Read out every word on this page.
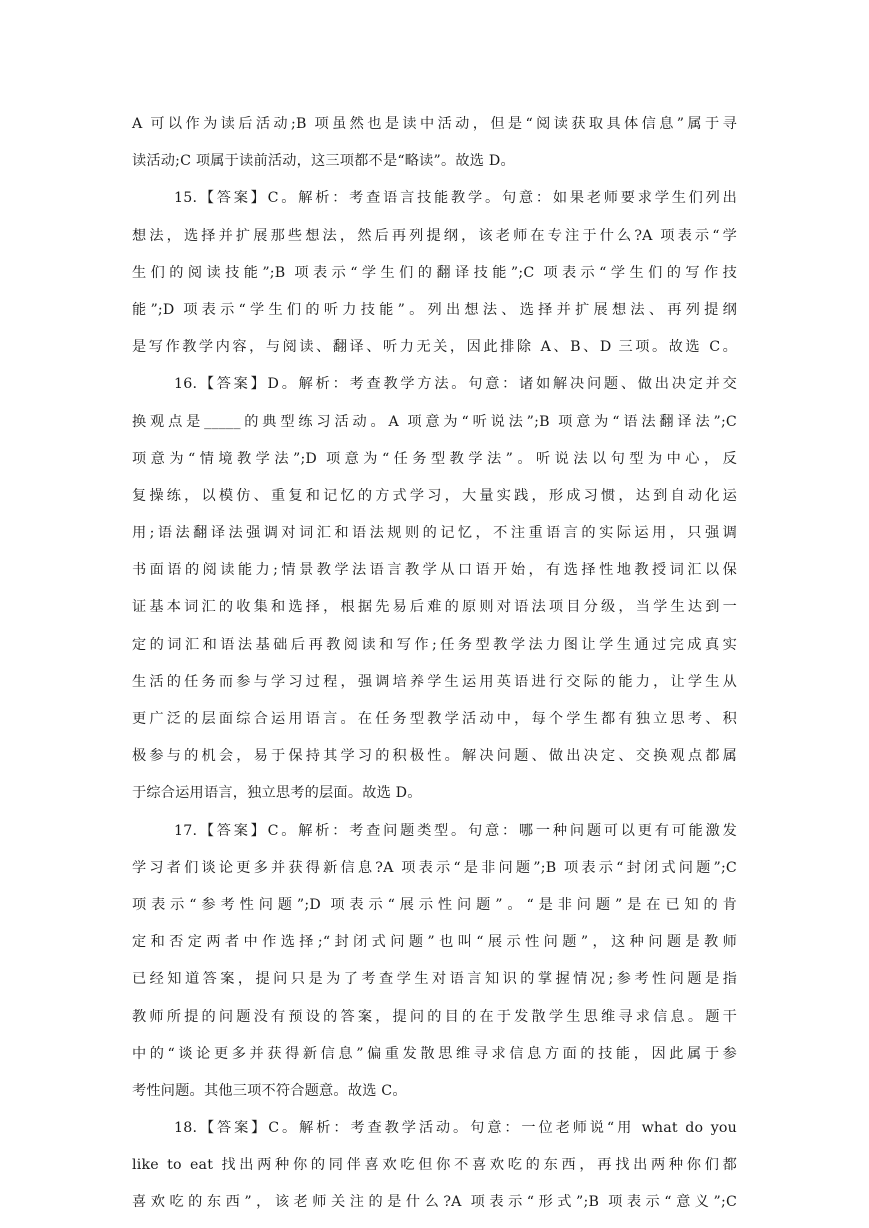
A 可以作为读后活动;B 项虽然也是读中活动，但是“阅读获取具体信息”属于寻
读活动;C 项属于读前活动，这三项都不是“略读”。故选 D。
15.【答案】C。解析：考查语言技能教学。句意：如果老师要求学生们列出
想法，选择并扩展那些想法，然后再列提纲，该老师在专注于什么?A 项表示“学
生们的阅读技能”;B 项表示“学生们的翻译技能”;C 项表示“学生们的写作技
能”;D 项表示“学生们的听力技能”。列出想法、选择并扩展想法、再列提纲
是写作教学内容，与阅读、翻译、听力无关，因此排除 A、B、D 三项。故选 C。
16.【答案】D。解析：考查教学方法。句意：诸如解决问题、做出决定并交
换观点是_____的典型练习活动。A 项意为“听说法”;B 项意为“语法翻译法”;C
项意为“情境教学法”;D 项意为“任务型教学法”。听说法以句型为中心，反
复操练，以模仿、重复和记忆的方式学习，大量实践，形成习惯，达到自动化运
用;语法翻译法强调对词汇和语法规则的记忆，不注重语言的实际运用，只强调
书面语的阅读能力;情景教学法语言教学从口语开始，有选择性地教授词汇以保
证基本词汇的收集和选择，根据先易后难的原则对语法项目分级，当学生达到一
定的词汇和语法基础后再教阅读和写作;任务型教学法力图让学生通过完成真实
生活的任务而参与学习过程，强调培养学生运用英语进行交际的能力，让学生从
更广泛的层面综合运用语言。在任务型教学活动中，每个学生都有独立思考、积
极参与的机会，易于保持其学习的积极性。解决问题、做出决定、交换观点都属
于综合运用语言，独立思考的层面。故选 D。
17.【答案】C。解析：考查问题类型。句意：哪一种问题可以更有可能激发
学习者们谈论更多并获得新信息?A 项表示“是非问题”;B 项表示“封闭式问题”;C
项表示“参考性问题”;D 项表示“展示性问题”。“是非问题”是在已知的肯
定和否定两者中作选择;“封闭式问题”也叫“展示性问题”，这种问题是教师
已经知道答案，提问只是为了考查学生对语言知识的掌握情况;参考性问题是指
教师所提的问题没有预设的答案，提问的目的在于发散学生思维寻求信息。题干
中的“谈论更多并获得新信息”偏重发散思维寻求信息方面的技能，因此属于参
考性问题。其他三项不符合题意。故选 C。
18.【答案】C。解析：考查教学活动。句意：一位老师说“用 what do you
like to eat 找出两种你的同伴喜欢吃但你不喜欢吃的东西，再找出两种你们都
喜欢吃的东西”，该老师关注的是什么?A 项表示“形式”;B 项表示“意义”;C
